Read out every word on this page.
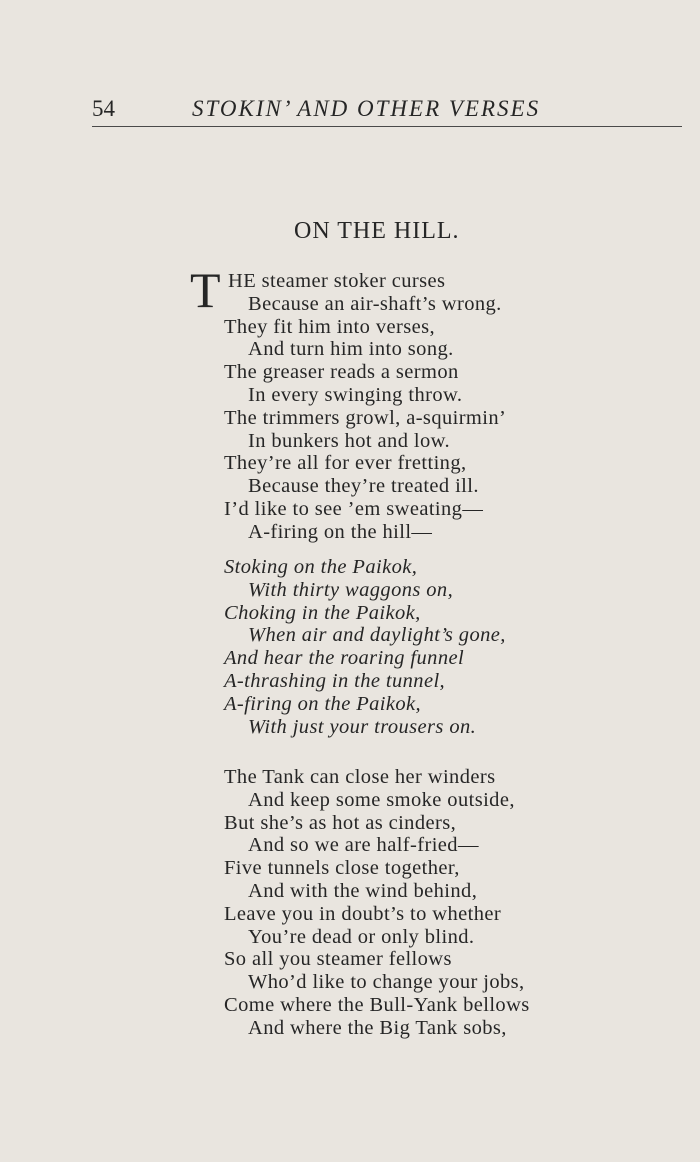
54	STOKIN’ AND OTHER VERSES
ON THE HILL.
T HE steamer stoker curses
Because an air-shaft’s wrong.
They fit him into verses,
And turn him into song.
The greaser reads a sermon
In every swinging throw.
The trimmers growl, a-squirmin’
In bunkers hot and low.
They’re all for ever fretting,
Because they’re treated ill.
I’d like to see ’em sweating—
A-firing on the hill—
Stoking on the Paikok,
With thirty waggons on,
Choking in the Paikok,
When air and daylight’s gone,
And hear the roaring funnel
A-thrashing in the tunnel,
A-firing on the Paikok,
With just your trousers on.
The Tank can close her winders
And keep some smoke outside,
But she’s as hot as cinders,
And so we are half-fried—
Five tunnels close together,
And with the wind behind,
Leave you in doubt’s to whether
You’re dead or only blind.
So all you steamer fellows
Who’d like to change your jobs,
Come where the Bull-Yank bellows
And where the Big Tank sobs,
